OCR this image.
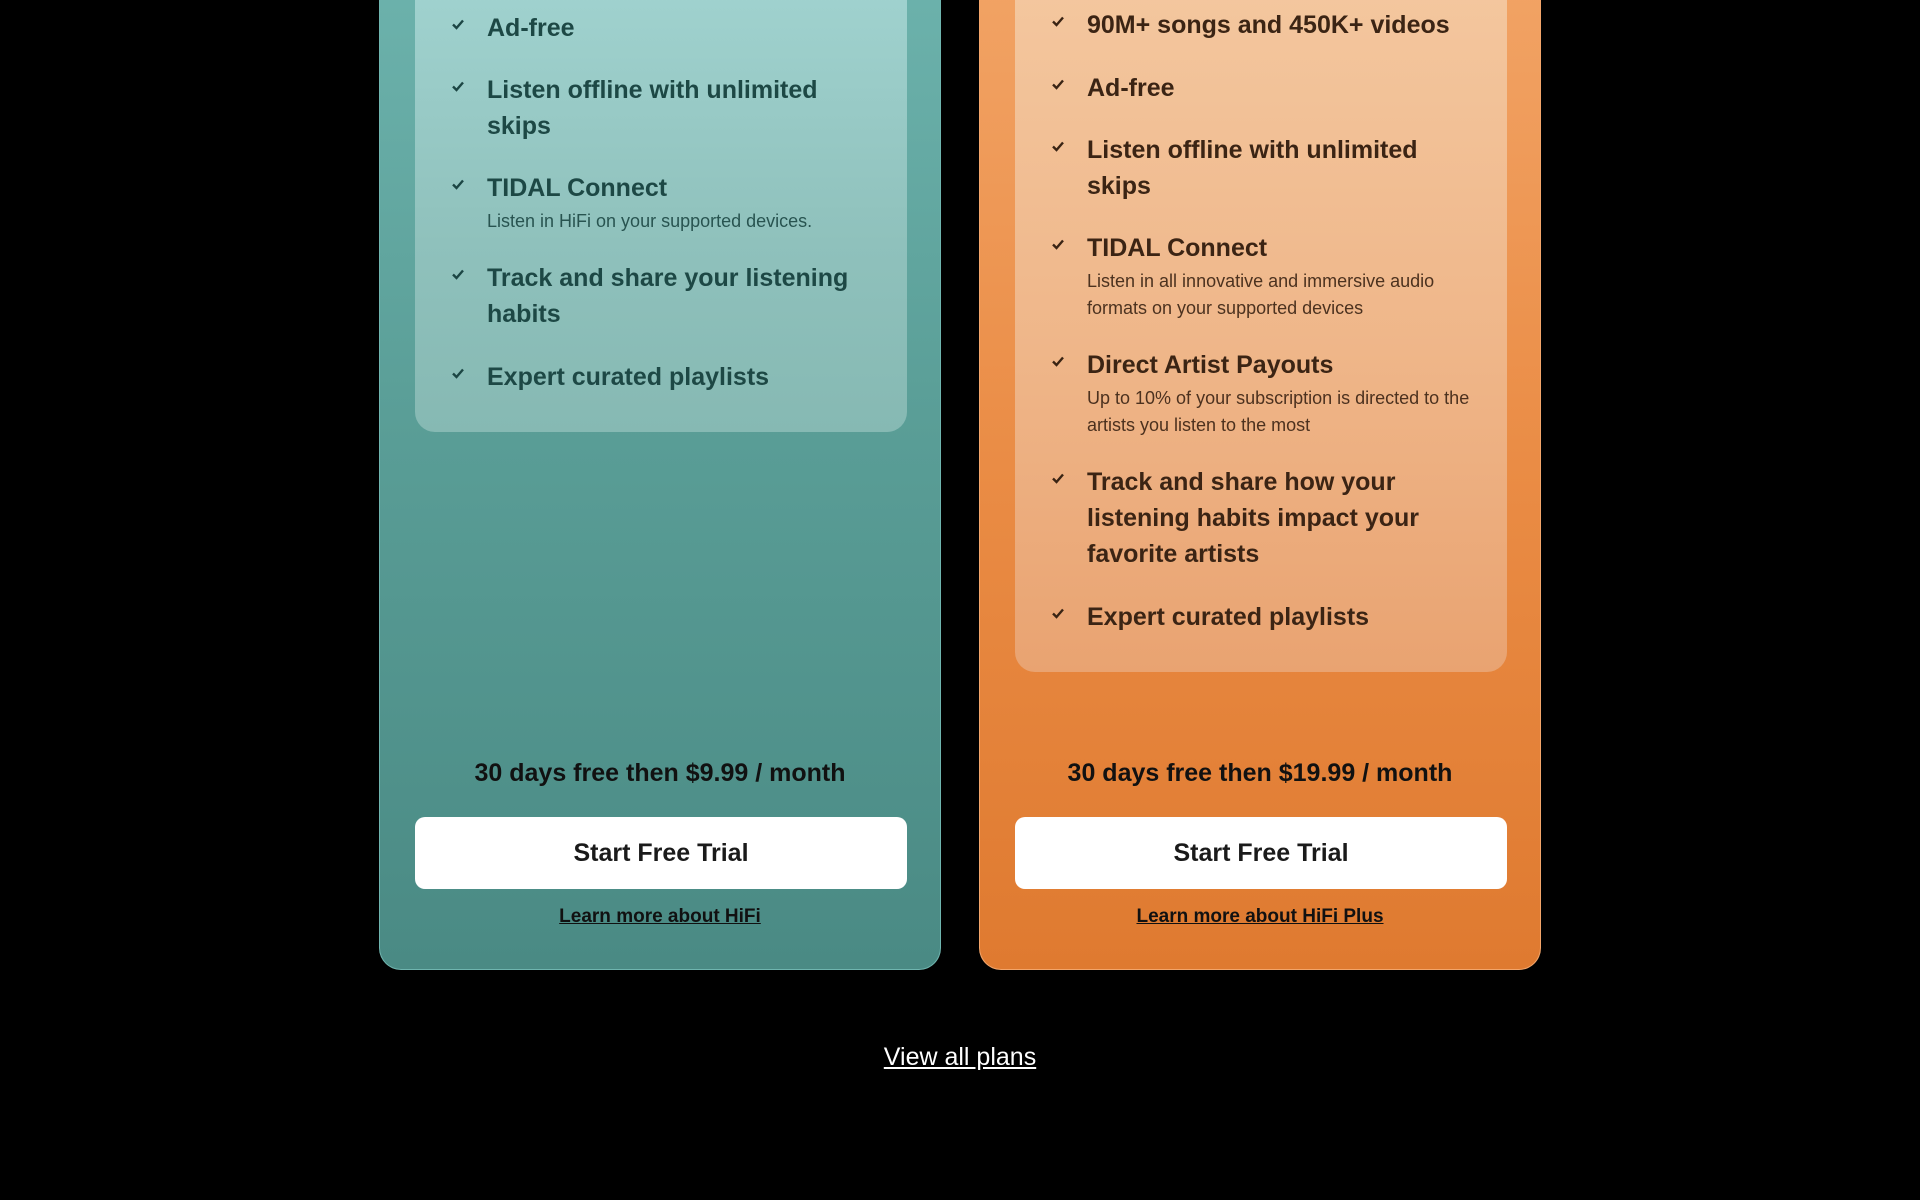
Ad-free
Listen offline with unlimited skips
TIDAL Connect
Listen in HiFi on your supported devices.
Track and share your listening habits
Expert curated playlists
30 days free then $9.99 / month
Start Free Trial
Learn more about HiFi
90M+ songs and 450K+ videos
Ad-free
Listen offline with unlimited skips
TIDAL Connect
Listen in all innovative and immersive audio formats on your supported devices
Direct Artist Payouts
Up to 10% of your subscription is directed to the artists you listen to the most
Track and share how your listening habits impact your favorite artists
Expert curated playlists
30 days free then $19.99 / month
Start Free Trial
Learn more about HiFi Plus
View all plans
